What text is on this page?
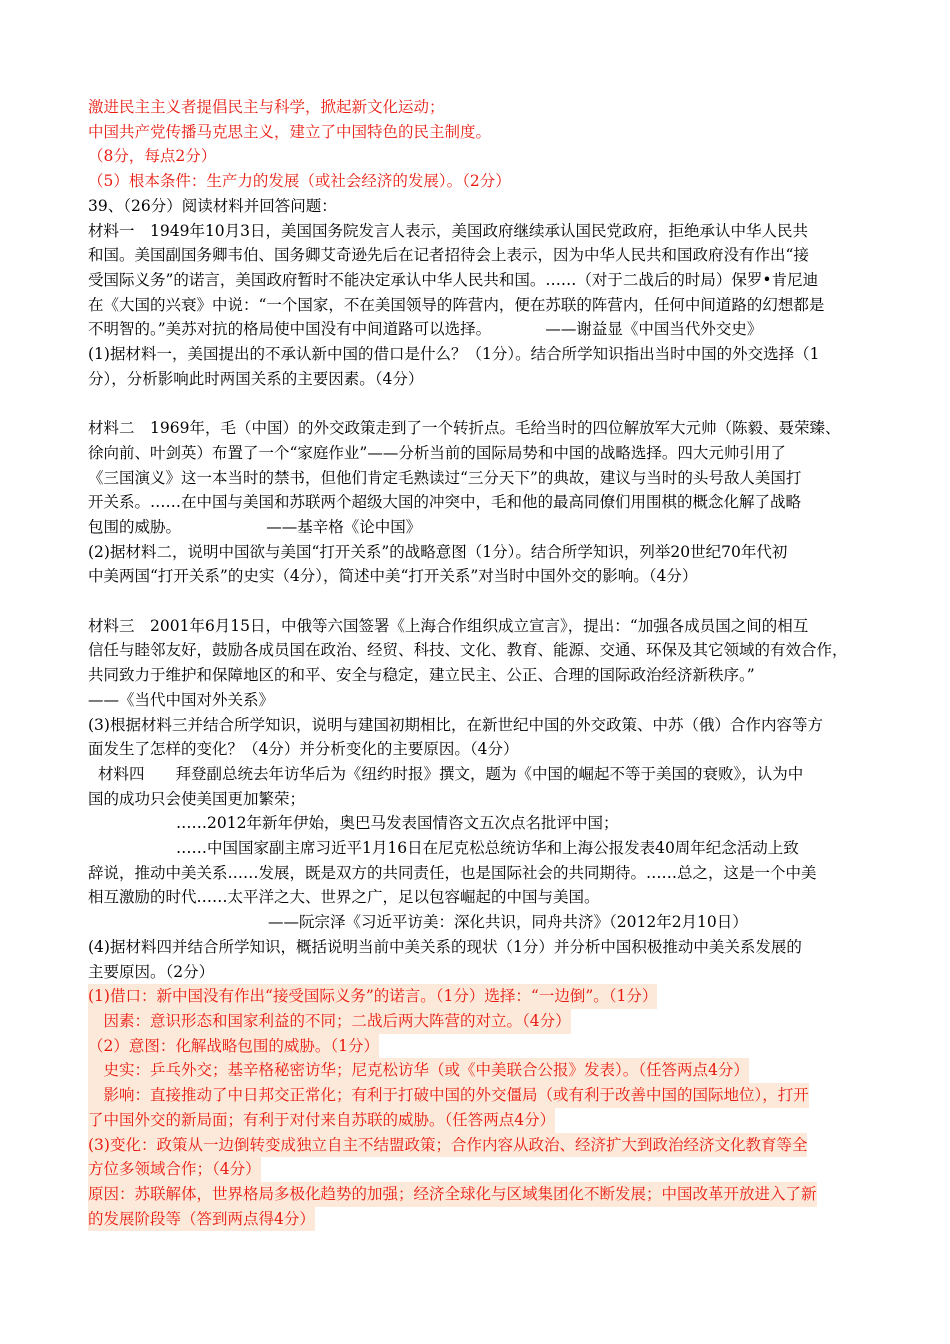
激进民主主义者提倡民主与科学，掀起新文化运动；
中国共产党传播马克思主义，建立了中国特色的民主制度。
（8分，每点2分）
（5）根本条件：生产力的发展（或社会经济的发展）。（2分）
39、（26分）阅读材料并回答问题：
材料一　1949年10月3日，美国国务院发言人表示，美国政府继续承认国民党政府，拒绝承认中华人民共
和国。美国副国务卿韦伯、国务卿艾奇逊先后在记者招待会上表示，因为中华人民共和国政府没有作出“接
受国际义务”的诺言，美国政府暂时不能决定承认中华人民共和国。……（对于二战后的时局）保罗•肯尼迪
在《大国的兴衰》中说：“一个国家，不在美国领导的阵营内，便在苏联的阵营内，任何中间道路的幻想都是
不明智的。”美苏对抗的格局使中国没有中间道路可以选择。　　　　——谢益显《中国当代外交史》
(1)据材料一，美国提出的不承认新中国的借口是什么？（1分）。结合所学知识指出当时中国的外交选择（1
分），分析影响此时两国关系的主要因素。（4分）
材料二　1969年，毛（中国）的外交政策走到了一个转折点。毛给当时的四位解放军大元帅（陈毅、聂荣臻、
徐向前、叶剑英）布置了一个“家庭作业”——分析当前的国际局势和中国的战略选择。四大元帅引用了
《三国演义》这一本当时的禁书，但他们肯定毛熟读过“三分天下”的典故，建议与当时的头号敌人美国打
开关系。……在中国与美国和苏联两个超级大国的冲突中，毛和他的最高同僚们用围棋的概念化解了战略
包围的威胁。　　　　　　——基辛格《论中国》
(2)据材料二，说明中国欲与美国“打开关系”的战略意图（1分）。结合所学知识，列举20世纪70年代初
中美两国“打开关系”的史实（4分），简述中美“打开关系”对当时中国外交的影响。（4分）
材料三　2001年6月15日，中俄等六国签署《上海合作组织成立宣言》，提出：“加强各成员国之间的相互
信任与睦邻友好，鼓励各成员国在政治、经贸、科技、文化、教育、能源、交通、环保及其它领域的有效合作，
共同致力于维护和保障地区的和平、安全与稳定，建立民主、公正、合理的国际政治经济新秩序。”
——《当代中国对外关系》
(3)根据材料三并结合所学知识，说明与建国初期相比，在新世纪中国的外交政策、中苏（俄）合作内容等方
面发生了怎样的变化？（4分）并分析变化的主要原因。（4分）
材料四　　拜登副总统去年访华后为《纽约时报》撰文，题为《中国的崛起不等于美国的衰败》，认为中
国的成功只会使美国更加繁荣；
……2012年新年伊始，奥巴马发表国情咨文五次点名批评中国；
……中国国家副主席习近平1月16日在尼克松总统访华和上海公报发表40周年纪念活动上致
辞说，推动中美关系……发展，既是双方的共同责任，也是国际社会的共同期待。……总之，这是一个中美
相互激励的时代……太平洋之大、世界之广，足以包容崛起的中国与美国。
——阮宗泽《习近平访美：深化共识，同舟共济》（2012年2月10日）
(4)据材料四并结合所学知识，概括说明当前中美关系的现状（1分）并分析中国积极推动中美关系发展的
主要原因。（2分）
(1)借口：新中国没有作出“接受国际义务”的诺言。（1分）选择：“一边倒”。（1分）
　因素：意识形态和国家利益的不同；二战后两大阵营的对立。（4分）
（2）意图：化解战略包围的威胁。（1分）
　史实：乒乓外交；基辛格秘密访华；尼克松访华（或《中美联合公报》发表）。（任答两点4分）
　影响：直接推动了中日邦交正常化；有利于打破中国的外交僵局（或有利于改善中国的国际地位），打开
了中国外交的新局面；有利于对付来自苏联的威胁。（任答两点4分）
(3)变化：政策从一边倒转变成独立自主不结盟政策；合作内容从政治、经济扩大到政治经济文化教育等全
方位多领域合作；（4分）
原因：苏联解体，世界格局多极化趋势的加强；经济全球化与区域集团化不断发展；中国改革开放进入了新
的发展阶段等（答到两点得4分）
